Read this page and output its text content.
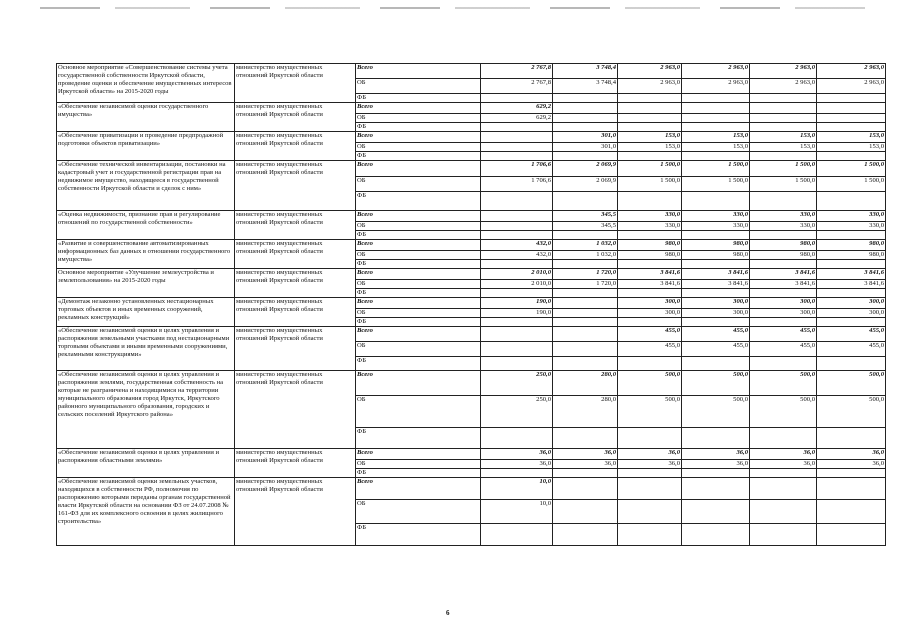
Основное мероприятие «Совершенствование системы учета государственной собственности Иркутской области, проведение оценки и обеспечение имущественных интересов Иркутской области» на 2015-2020 годы	министерство имущественных отношений Иркутской области	Всего	2 767,8	3 748,4	2 963,0	2 963,0	2 963,0	2 963,0
		ОБ	2 767,8	3 748,4	2 963,0	2 963,0	2 963,0	2 963,0
		ФБ						
«Обеспечение независимой оценки государственного имущества»	министерство имущественных отношений Иркутской области	Всего	629,2					
		ОБ	629,2					
		ФБ						
«Обеспечение приватизации и проведение предпродажной подготовки объектов приватизации»	министерство имущественных отношений Иркутской области	Всего		301,0	153,0	153,0	153,0	153,0
		ОБ		301,0	153,0	153,0	153,0	153,0
		ФБ						
«Обеспечение технической инвентаризации, постановки на кадастровый учет и государственной регистрации прав на недвижимое имущество, находящееся в государственной собственности Иркутской области и сделок с ним»	министерство имущественных отношений Иркутской области	Всего	1 706,6	2 069,9	1 500,0	1 500,0	1 500,0	1 500,0
		ОБ	1 706,6	2 069,9	1 500,0	1 500,0	1 500,0	1 500,0
		ФБ						
«Оценка недвижимости, признание прав и регулирование отношений по государственной собственности»	министерство имущественных отношений Иркутской области	Всего		345,5	330,0	330,0	330,0	330,0
		ОБ		345,5	330,0	330,0	330,0	330,0
		ФБ						
«Развитие и совершенствование автоматизированных информационных баз данных в отношении государственного имущества»	министерство имущественных отношений Иркутской области	Всего	432,0	1 032,0	980,0	980,0	980,0	980,0
		ОБ	432,0	1 032,0	980,0	980,0	980,0	980,0
		ФБ						
Основное мероприятие «Улучшение землеустройства и землепользования» на 2015-2020 годы	министерство имущественных отношений Иркутской области	Всего	2 010,0	1 720,0	3 841,6	3 841,6	3 841,6	3 841,6
		ОБ	2 010,0	1 720,0	3 841,6	3 841,6	3 841,6	3 841,6
		ФБ						
«Демонтаж незаконно установленных нестационарных торговых объектов и иных временных сооружений, рекламных конструкций»	министерство имущественных отношений Иркутской области	Всего	190,0		300,0	300,0	300,0	300,0
		ОБ	190,0		300,0	300,0	300,0	300,0
		ФБ						
«Обеспечение независимой оценки в целях управления и распоряжения земельными участками под нестационарными торговыми объектами и иными временными сооружениями, рекламными конструкциями»	министерство имущественных отношений Иркутской области	Всего			455,0	455,0	455,0	455,0
		ОБ			455,0	455,0	455,0	455,0
		ФБ						
«Обеспечение независимой оценки в целях управления и распоряжения землями, государственная собственность на которые не разграничена и находящимися на территории муниципального образования город Иркутск, Иркутского районного муниципального образования, городских и сельских поселений Иркутского района»	министерство имущественных отношений Иркутской области	Всего	250,0	280,0	500,0	500,0	500,0	500,0
		ОБ	250,0	280,0	500,0	500,0	500,0	500,0
		ФБ						
«Обеспечение независимой оценки в целях управления и распоряжения областными землями»	министерство имущественных отношений Иркутской области	Всего	36,0	36,0	36,0	36,0	36,0	36,0
		ОБ	36,0	36,0	36,0	36,0	36,0	36,0
		ФБ						
«Обеспечение независимой оценки земельных участков, находящихся в собственности РФ, полномочия по распоряжению которыми переданы органам государственной власти Иркутской области на основании ФЗ от 24.07.2008 № 161-ФЗ для их комплексного освоения в целях жилищного строительства»	министерство имущественных отношений Иркутской области	Всего	10,0					
		ОБ	10,0					
		ФБ						
6
